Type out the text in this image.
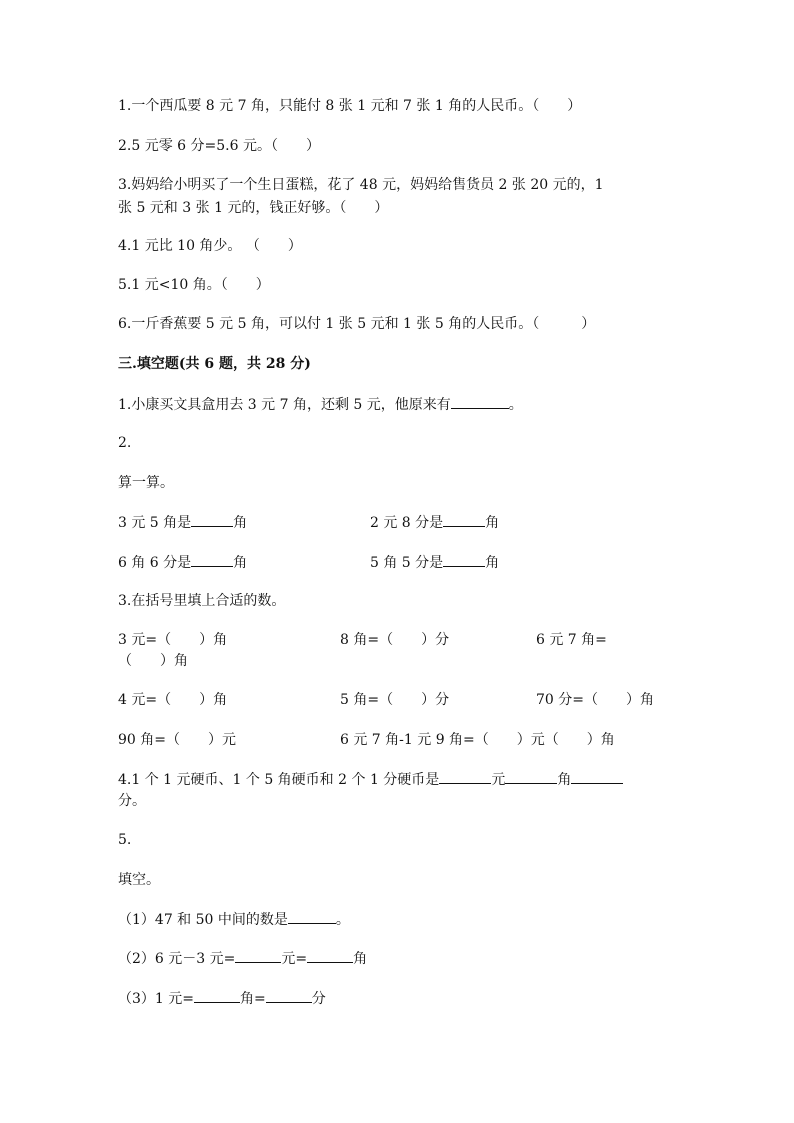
1.一个西瓜要 8 元 7 角，只能付 8 张 1 元和 7 张 1 角的人民币。（　　）
2.5 元零 6 分=5.6 元。（　　）
3.妈妈给小明买了一个生日蛋糕，花了 48 元，妈妈给售货员 2 张 20 元的，1
张 5 元和 3 张 1 元的，钱正好够。（　　）
4.1 元比 10 角少。 （　　）
5.1 元<10 角。（　　）
6.一斤香蕉要 5 元 5 角，可以付 1 张 5 元和 1 张 5 角的人民币。（　　　）
三.填空题(共 6 题，共 28 分)
1.小康买文具盒用去 3 元 7 角，还剩 5 元，他原来有	。
2.
算一算。
3 元 5 角是	角	2 元 8 分是	角
6 角 6 分是	角	5 角 5 分是	角
3.在括号里填上合适的数。
3 元=（　　）角	8 角=（　　）分	6 元 7 角=
（　　）角
4 元=（　　）角	5 角=（　　）分	70 分=（　　）角
90 角=（　　）元	6 元 7 角-1 元 9 角=（　　）元（　　）角
4.1 个 1 元硬币、1 个 5 角硬币和 2 个 1 分硬币是	元	角
分。
5.
填空。
（1）47 和 50 中间的数是	。
（2）6 元－3 元=	元=	角
（3）1 元=	角=	分
